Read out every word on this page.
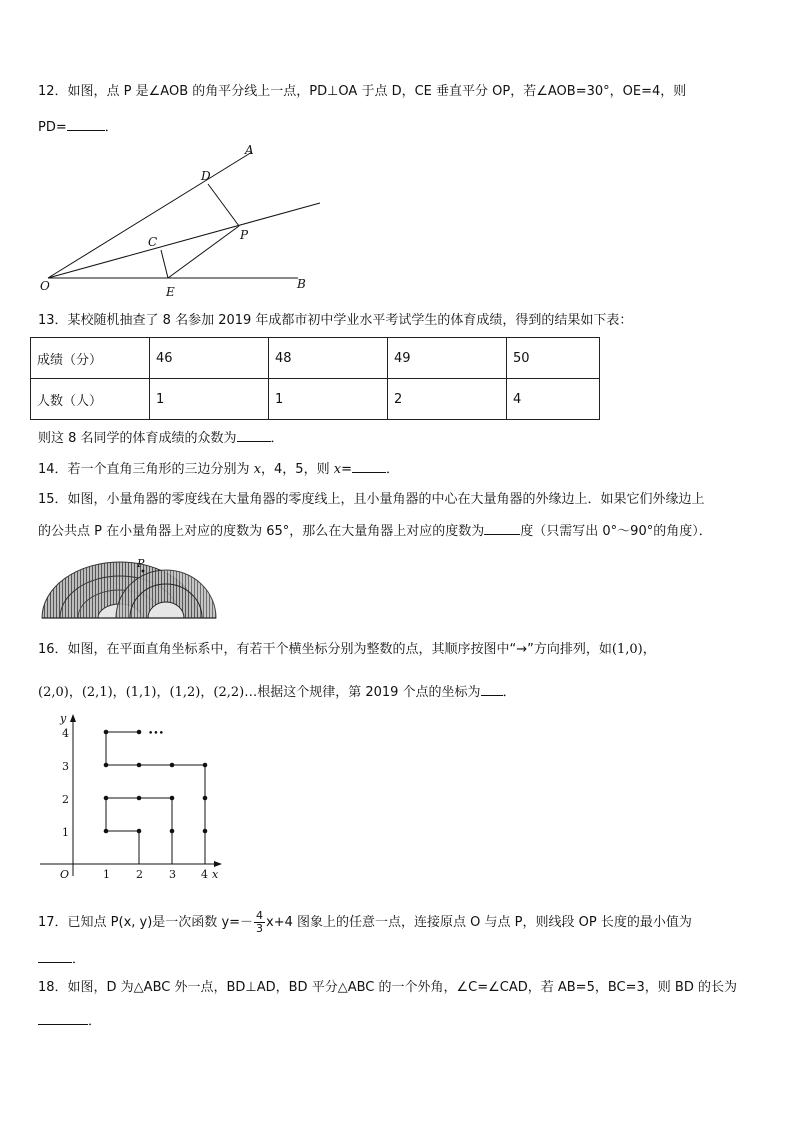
12．如图，点 P 是∠AOB 的角平分线上一点，PD⊥OA 于点 D，CE 垂直平分 OP，若∠AOB=30°，OE=4，则
PD=	．
A
D
P
C
O	E
B
13．某校随机抽查了 8 名参加 2019 年成都市初中学业水平考试学生的体育成绩，得到的结果如下表：
成绩（分）	46	48	49	50
人数（人）	1	1	2	4
则这 8 名同学的体育成绩的众数为	．
14．若一个直角三角形的三边分别为 x，4，5，则 x=	．
15．如图，小量角器的零度线在大量角器的零度线上，且小量角器的中心在大量角器的外缘边上．如果它们外缘边上
的公共点 P 在小量角器上对应的度数为 65°，那么在大量角器上对应的度数为	度（只需写出 0°～90°的角度）．
P
16．如图，在平面直角坐标系中，有若干个横坐标分别为整数的点，其顺序按图中“→”方向排列，如(1,0)，
(2,0)，(2,1)，(1,1)，(1,2)，(2,2)…根据这个规律，第 2019 个点的坐标为 ．
x
y
O	1 2 3 4
1
2
3
4	•••
17．已知点 P(x, y)是一次函数 $y=- \frac{4}{3} x+4$ 图象上的任意一点，连接原点 O 与点 P，则线段 OP 长度的最小值为
．
18．如图，D 为△ABC 外一点，BD⊥AD，BD 平分△ABC 的一个外角，∠C=∠CAD，若 AB=5，BC=3，则 BD 的长为
．
